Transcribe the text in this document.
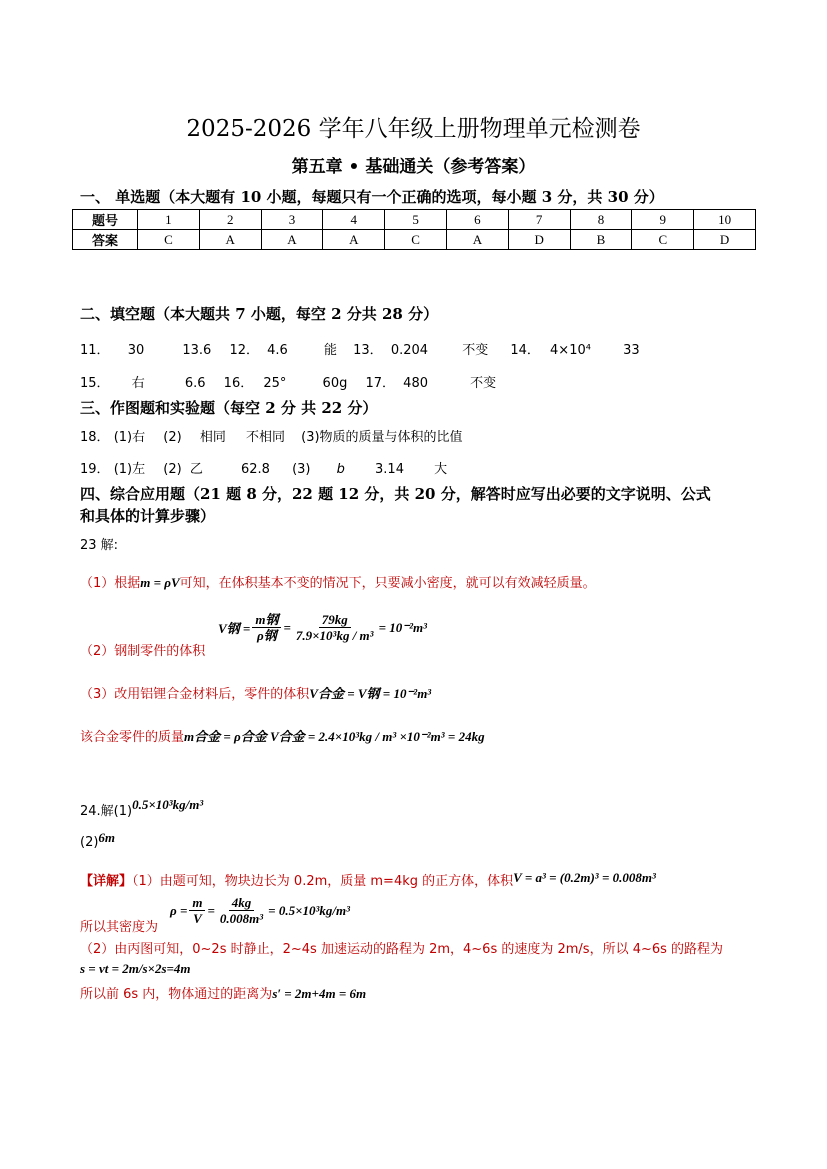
2025-2026 学年八年级上册物理单元检测卷
第五章 • 基础通关（参考答案）
一、 单选题（本大题有 10 小题，每题只有一个正确的选项，每小题 3 分，共 30 分）
题号	1	2	3	4	5	6	7	8	9	10
答案	C	A	A	A	C	A	D	B	C	D
二、填空题（本大题共 7 小题，每空 2 分共 28 分）
11． 30	13.6 12． 4.6	能 13． 0.204	不变 14． 4×10⁴ 33
15． 右	6.6 16． 25°	60g 17． 480	不变
三、作图题和实验题（每空 2 分 共 22 分）
18． (1)右 (2) 相同 不相同 (3)物质的质量与体积的比值
19． (1)左 (2) 乙	62.8 (3) b 3.14 大
四、综合应用题（21 题 8 分，22 题 12 分，共 20 分，解答时应写出必要的文字说明、公式
和具体的计算步骤）
23 解:
（1）根据m = ρV可知，在体积基本不变的情况下，只要减小密度，就可以有效减轻质量。
（2）钢制零件的体积
V钢 = $\frac{\text{m钢}}{\text{ρ钢}} = \frac{79kg}{\text{7.9×10³kg / m³}} = 10^{-2}m^3$
（3）改用铝锂合金材料后，零件的体积V合金 = V钢 = 10⁻²m³
该合金零件的质量m合金 = ρ合金 V合金 = 2.4×10³kg / m³ ×10⁻²m³ = 24kg
24.解(1)0.5×10³kg/m³
(2)6m
【详解】（1）由题可知，物块边长为 0.2m，质量 m=4kg 的正方体，体积V = a³ = (0.2m)³ = 0.008m³
所以其密度为
$\rho = \frac{m}{V} = \frac{4kg}{\text{0.008m³}} = 0.5\times 10^3kg/m^3$
（2）由丙图可知，0~2s 时静止，2~4s 加速运动的路程为 2m，4~6s 的速度为 2m/s，所以 4~6s 的路程为
s = vt = 2m/s×2s=4m
所以前 6s 内，物体通过的距离为s′ = 2m+4m = 6m
